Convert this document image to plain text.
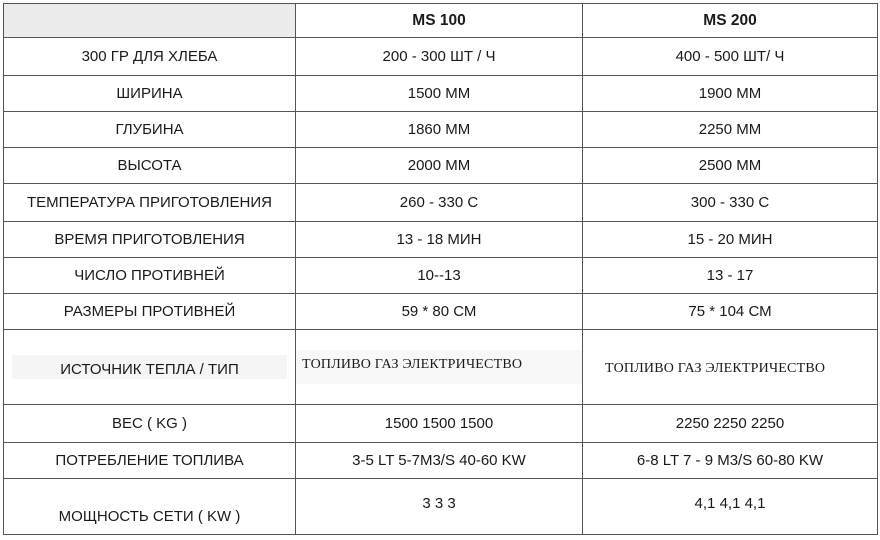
	MS 100	MS 200
300 ГР ДЛЯ ХЛЕБА	200 - 300 ШТ / Ч	400 - 500 ШТ/ Ч
ШИРИНА	1500 ММ	1900 ММ
ГЛУБИНА	1860 ММ	2250 ММ
ВЫСОТА	2000 ММ	2500 ММ
ТЕМПЕРАТУРА ПРИГОТОВЛЕНИЯ	260 - 330 С	300 - 330 С
ВРЕМЯ ПРИГОТОВЛЕНИЯ	13 - 18 МИН	15 - 20 МИН
ЧИСЛО ПРОТИВНЕЙ	10--13	13 - 17
РАЗМЕРЫ ПРОТИВНЕЙ	59 * 80 СМ	75 * 104 СМ

ИСТОЧНИК ТЕПЛА / ТИП	ТОПЛИВО ГАЗ ЭЛЕКТРИЧЕСТВО	ТОПЛИВО ГАЗ ЭЛЕКТРИЧЕСТВО

ВЕС ( KG )	1500 1500 1500	2250 2250 2250
ПОТРЕБЛЕНИЕ ТОПЛИВА	3-5 LT 5-7M3/S 40-60 KW	6-8 LT 7 - 9 M3/S 60-80 KW

МОЩНОСТЬ СЕТИ ( KW )	3 3 3	4,1 4,1 4,1
